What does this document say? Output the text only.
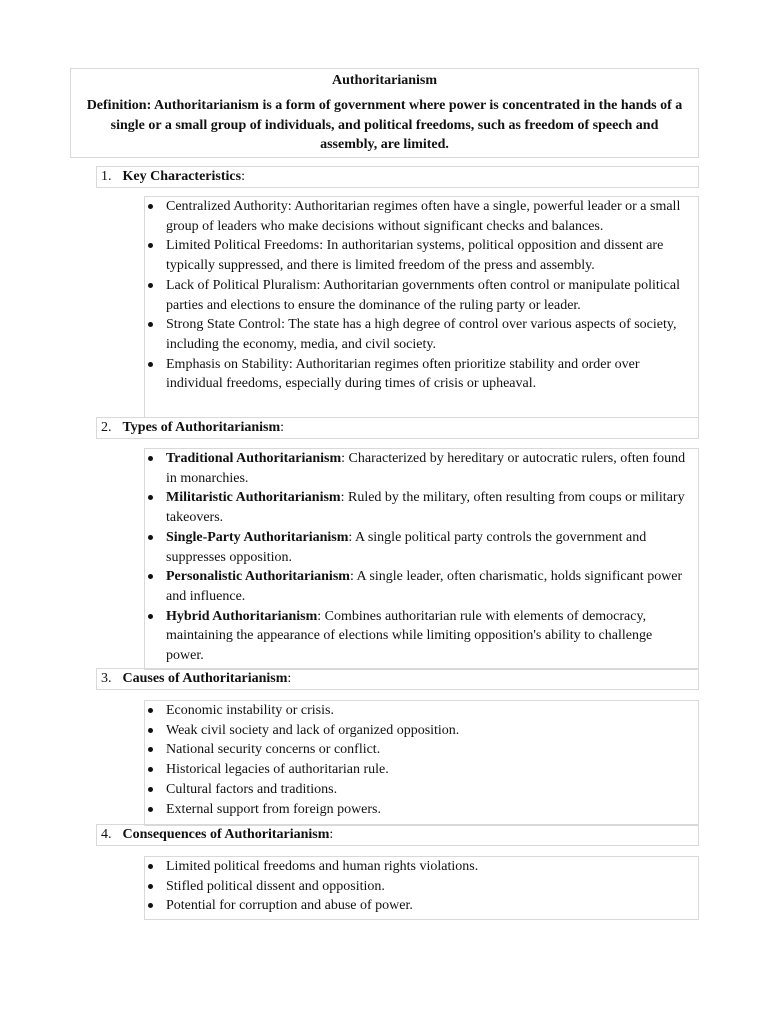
Authoritarianism
Definition: Authoritarianism is a form of government where power is concentrated in the hands of a single or a small group of individuals, and political freedoms, such as freedom of speech and assembly, are limited.
1. Key Characteristics:
Centralized Authority: Authoritarian regimes often have a single, powerful leader or a small group of leaders who make decisions without significant checks and balances.
Limited Political Freedoms: In authoritarian systems, political opposition and dissent are typically suppressed, and there is limited freedom of the press and assembly.
Lack of Political Pluralism: Authoritarian governments often control or manipulate political parties and elections to ensure the dominance of the ruling party or leader.
Strong State Control: The state has a high degree of control over various aspects of society, including the economy, media, and civil society.
Emphasis on Stability: Authoritarian regimes often prioritize stability and order over individual freedoms, especially during times of crisis or upheaval.
2. Types of Authoritarianism:
Traditional Authoritarianism: Characterized by hereditary or autocratic rulers, often found in monarchies.
Militaristic Authoritarianism: Ruled by the military, often resulting from coups or military takeovers.
Single-Party Authoritarianism: A single political party controls the government and suppresses opposition.
Personalistic Authoritarianism: A single leader, often charismatic, holds significant power and influence.
Hybrid Authoritarianism: Combines authoritarian rule with elements of democracy, maintaining the appearance of elections while limiting opposition's ability to challenge power.
3. Causes of Authoritarianism:
Economic instability or crisis.
Weak civil society and lack of organized opposition.
National security concerns or conflict.
Historical legacies of authoritarian rule.
Cultural factors and traditions.
External support from foreign powers.
4. Consequences of Authoritarianism:
Limited political freedoms and human rights violations.
Stifled political dissent and opposition.
Potential for corruption and abuse of power.
